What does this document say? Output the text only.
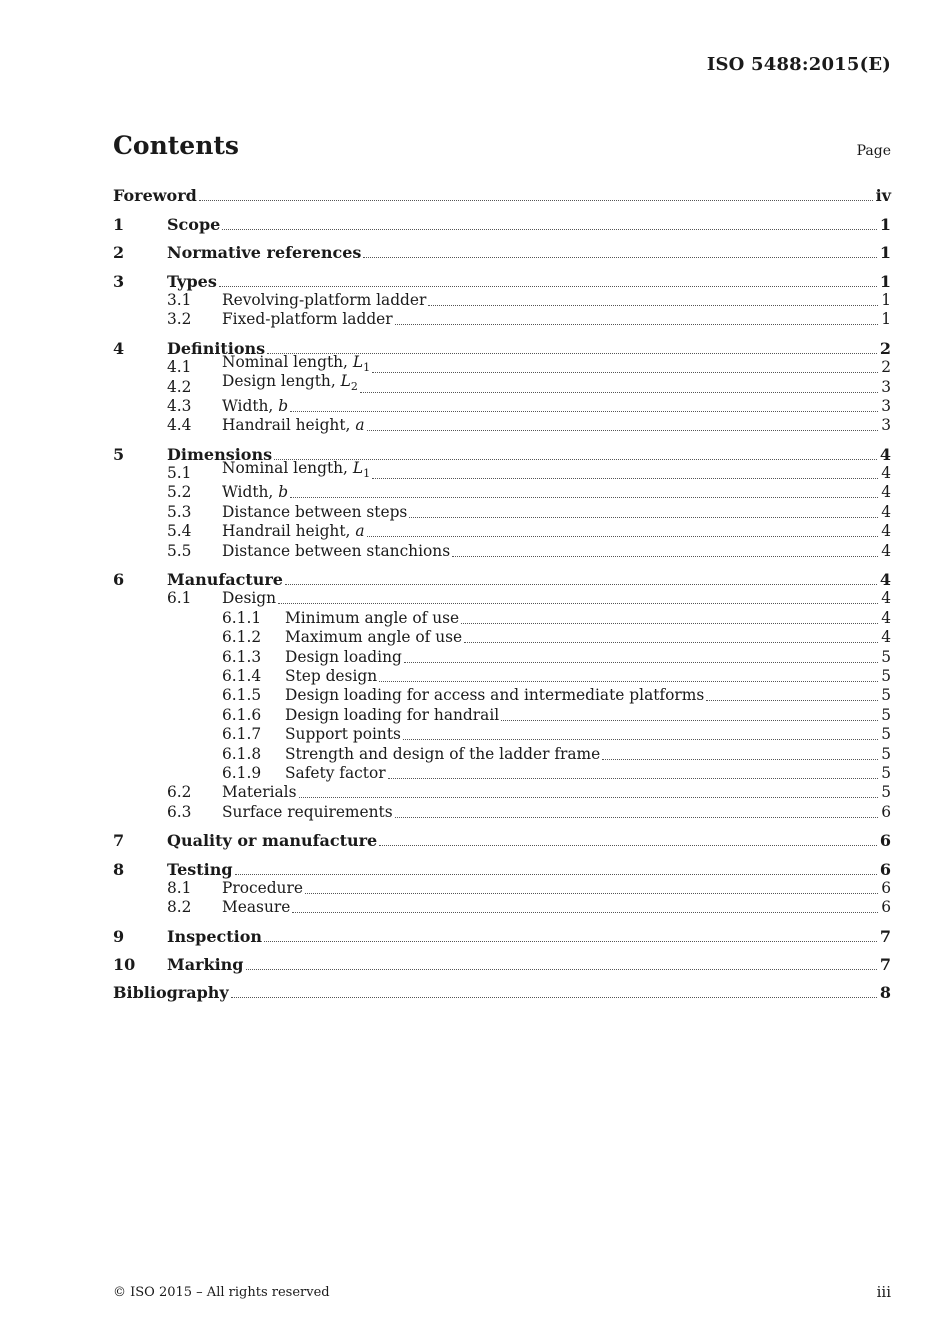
ISO 5488:2015(E)
Contents	Page
Foreword	iv
1	Scope	1
2	Normative references	1
3	Types	1
3.1 Revolving-platform ladder	1
3.2 Fixed-platform ladder	1
4	Definitions	2
4.1 Nominal length, $L_1$	2
4.2 Design length, $L_2$	3
4.3 Width, b	3
4.4 Handrail height, a	3
5	Dimensions	4
5.1 Nominal length, $L_1$	4
5.2 Width, b	4
5.3 Distance between steps	4
5.4 Handrail height, a	4
5.5 Distance between stanchions	4
6	Manufacture	4
6.1 Design	4
6.1.1 Minimum angle of use	4
6.1.2 Maximum angle of use	4
6.1.3 Design loading	5
6.1.4 Step design	5
6.1.5 Design loading for access and intermediate platforms	5
6.1.6 Design loading for handrail	5
6.1.7 Support points	5
6.1.8 Strength and design of the ladder frame	5
6.1.9 Safety factor	5
6.2 Materials	5
6.3 Surface requirements	6
7	Quality or manufacture	6
8	Testing	6
8.1 Procedure	6
8.2 Measure	6
9	Inspection	7
10 Marking	7
Bibliography	8
© ISO 2015 – All rights reserved	iii
